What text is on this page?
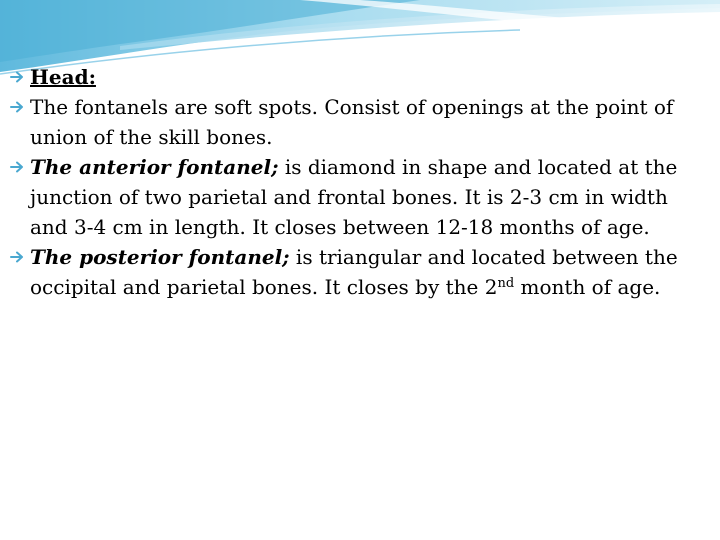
Head:
The fontanels are soft spots. Consist of openings at the point of union of the skill bones.
The anterior fontanel; is diamond in shape and located at the junction of two parietal and frontal bones. It is 2-3 cm in width and 3-4 cm in length. It closes between 12-18 months of age.
The posterior fontanel; is triangular and located between the occipital and parietal bones. It closes by the 2nd month of age.
